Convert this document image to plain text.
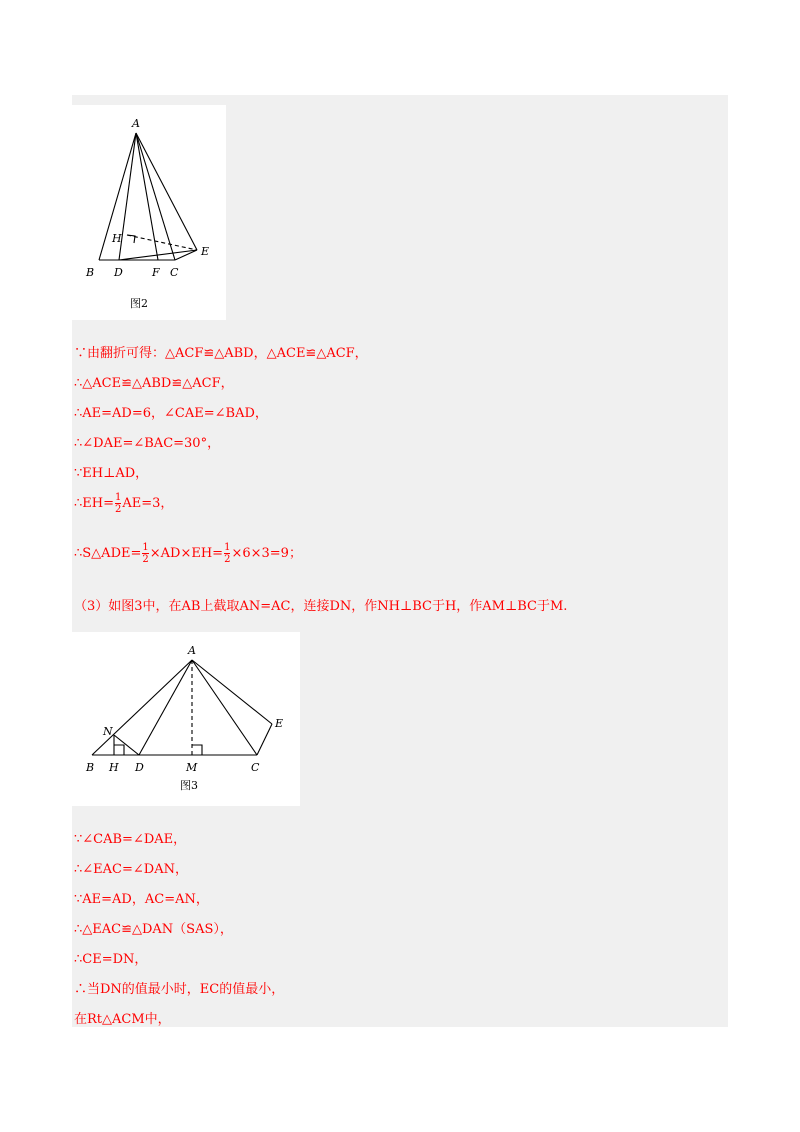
A
B D	F C
E
H
图2
∵由翻折可得：△ACF≌△ABD，△ACE≌△ACF，
∴△ACE≌△ABD≌△ACF，
∴AE=AD=6，∠CAE=∠BAD，
∴∠DAE=∠BAC=30°，
∵EH⊥AD，
∴EH= $\frac{1}{2} AE=3$，
∴S△ADE= $\frac{1}{2} \times AD\times EH= \frac{1}{2} \times 6\times 3=9$；
（3）如图3中，在AB上截取AN=AC，连接DN，作NH⊥BC于H，作AM⊥BC于M.
A
B H D	M	C
N
E
图3
∵∠CAB=∠DAE，
∴∠EAC=∠DAN，
∵AE=AD，AC=AN，
∴△EAC≌△DAN（SAS），
∴CE=DN，
∴当DN的值最小时，EC的值最小，
在Rt△ACM中，
